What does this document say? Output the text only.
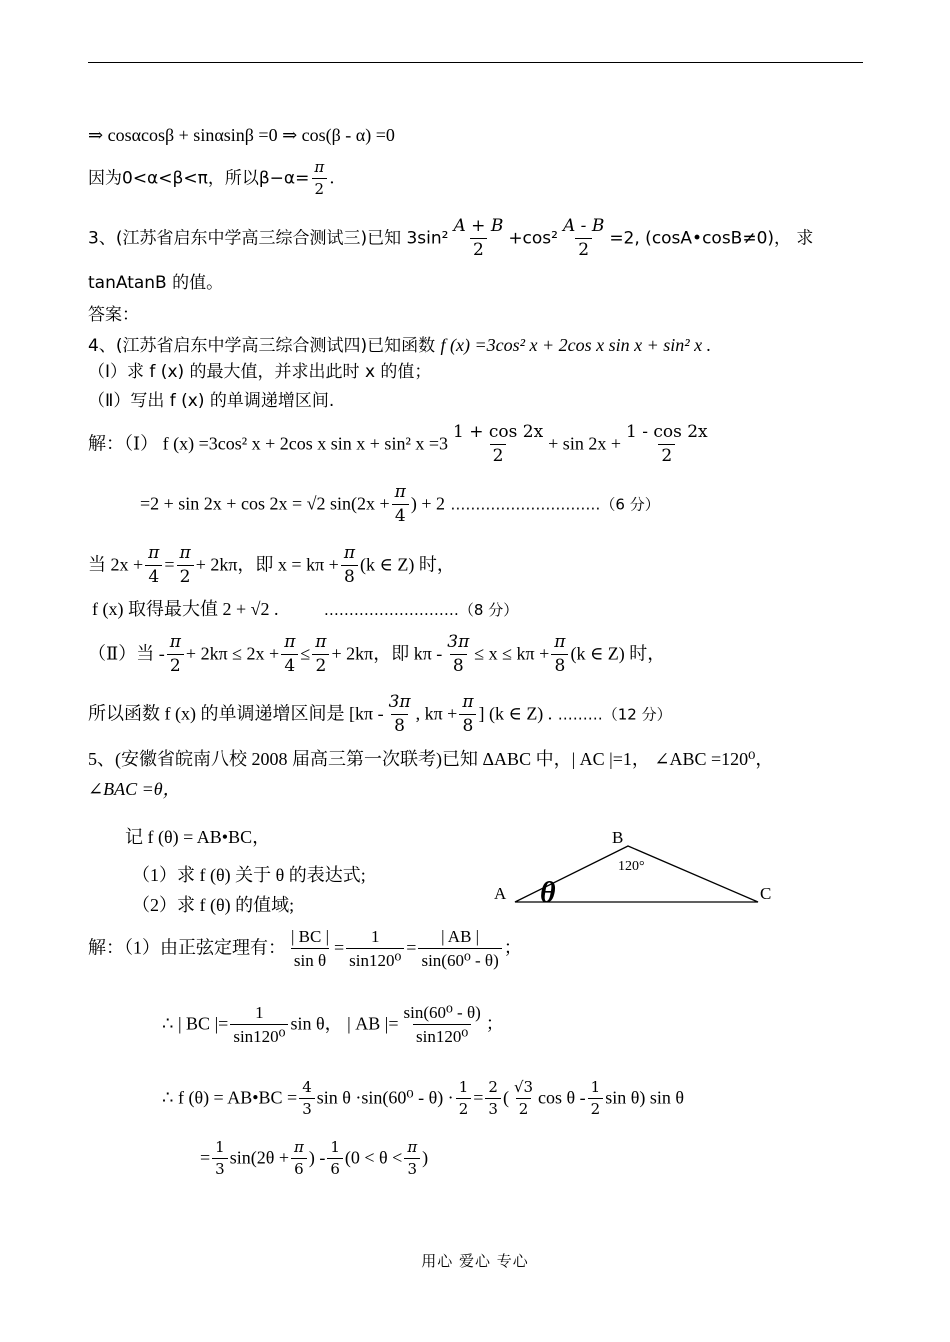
⇒ cosαcosβ + sinαsinβ =0 ⇒ cos(β - α) =0
因为0<α<β<π，所以$\beta-\alpha= \frac{\pi}{2}$ .
3、(江苏省启东中学高三综合测试三)已知 $3\sin^2 \frac{A + B}{2} +\cos^2 \frac{A - B}{2} =2$, (cosA•cosB≠0)， 求
tanAtanB 的值。
答案：
4、(江苏省启东中学高三综合测试四)已知函数 f (x) =3cos² x + 2cos x sin x + sin² x .
（Ⅰ）求 f (x) 的最大值，并求出此时 x 的值；
（Ⅱ）写出 f (x) 的单调递增区间.
解：（Ⅰ） f (x) =3cos² x + 2cos x sin x + sin² $x =3 \frac{1 + \cos 2x}{2} + \sin 2x + \frac{1 - \cos 2x}{2}$
=2 + sin 2x + cos 2x = √2 $\sin(2x + \frac{\pi}{4}$ ) + 2 …………………………（6 分）
当 $2x + \frac{\pi}{4} = \frac{\pi}{2} + 2k\pi$，即 $x = k\pi + \frac{\pi}{8} (k$ ∈ Z) 时，
f (x) 取得最大值 2 + √2 .	………………………（8 分）
（Ⅱ）当 - $\frac{\pi}{2} + 2k\pi \le 2x + \frac{\pi}{4} \le \frac{\pi}{2} + 2k\pi$，即 $k\pi - \frac{3\pi}{8} \le x \le k\pi + \frac{\pi}{8} (k$ ∈ Z) 时，
所以函数 f (x) 的单调递增区间是 [$k\pi - \frac{3\pi}{8}$ , $k\pi + \frac{\pi}{8}$ ] (k ∈ Z) . ………（12 分）
5、(安徽省皖南八校 2008 届高三第一次联考)已知 ΔABC 中，| AC |=1， ∠ABC =120⁰，
∠BAC =θ，
记 f (θ) = AB•BC，
（1）求 f (θ) 关于 θ 的表达式;
（2）求 f (θ) 的值域;
A
B
C
120°
θ
解：（1）由正弦定理有： $\frac{| BC |}{\text{sin θ}} = \frac{1}{\text{sin120⁰}} = \frac{| AB |}{\text{sin(60⁰ - θ)}}$ ；
∴ | BC |= $\frac{1}{\text{sin120⁰}}$ sin θ， | AB |= $\frac{\text{sin(60⁰ - θ)}}{\text{sin120⁰}}$ ；
∴ f (θ) = AB•BC = $\frac{4}{3}$ $\sin \theta \cdot\sin(60^0 - \theta) \cdot \frac{1}{2} = \frac{2}{3}$ ( $\frac{√3}{2}$ cos θ - $\frac{1}{2}$ sin θ) sin θ
= $\frac{1}{3} \sin(2\theta + \frac{\pi}{6}$ ) - $\frac{1}{6} (0 < \theta < \frac{\pi}{3}$ )
用心 爱心 专心
